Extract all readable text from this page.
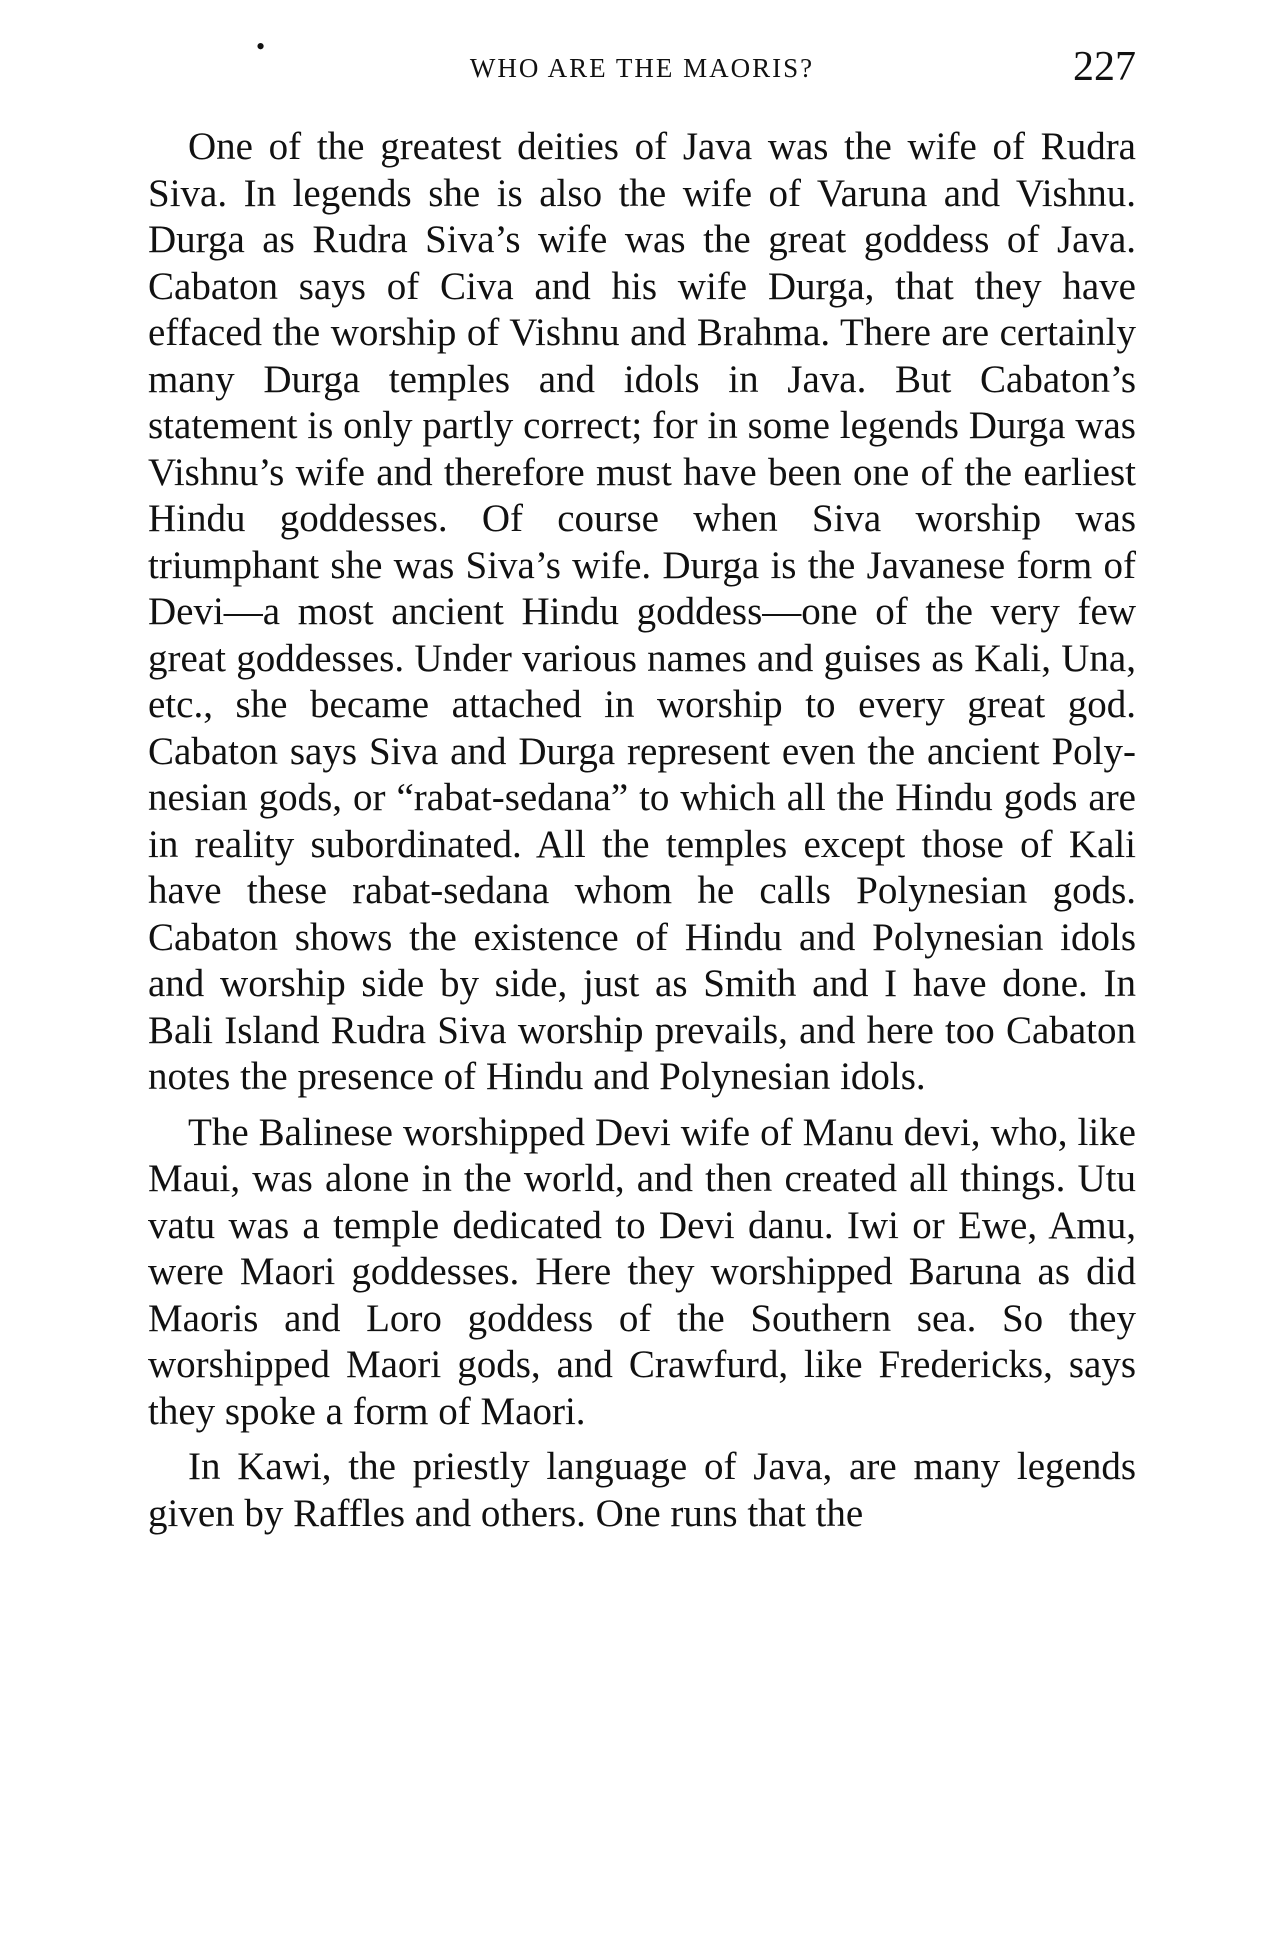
•
WHO ARE THE MAORIS?	227

One of the greatest deities of Java was the wife of Rudra Siva. In legends she is also the wife of Varuna and Vishnu. Durga as Rudra Siva’s wife was the great goddess of Java. Cabaton says of Civa and his wife Durga, that they have effaced the worship of Vishnu and Brahma. There are certainly many Durga temples and idols in Java. But Cabaton’s statement is only partly correct; for in some legends Durga was Vishnu’s wife and therefore must have been one of the earliest Hindu goddesses. Of course when Siva worship was triumphant she was Siva’s wife. Durga is the Javanese form of Devi—a most ancient Hindu goddess—one of the very few great goddesses. Under various names and guises as Kali, Una, etc., she became attached in worship to every great god. Cabaton says Siva and Durga represent even the ancient Polynesian gods, or “rabat-sedana” to which all the Hindu gods are in reality subordinated. All the temples except those of Kali have these rabat-sedana whom he calls Polynesian gods. Cabaton shows the existence of Hindu and Polynesian idols and worship side by side, just as Smith and I have done. In Bali Island Rudra Siva worship prevails, and here too Cabaton notes the presence of Hindu and Polynesian idols.

The Balinese worshipped Devi wife of Manu devi, who, like Maui, was alone in the world, and then created all things. Utu vatu was a temple dedicated to Devi danu. Iwi or Ewe, Amu, were Maori goddesses. Here they worshipped Baruna as did Maoris and Loro goddess of the Southern sea. So they worshipped Maori gods, and Crawfurd, like Fredericks, says they spoke a form of Maori.

In Kawi, the priestly language of Java, are many legends given by Raffles and others. One runs that the
